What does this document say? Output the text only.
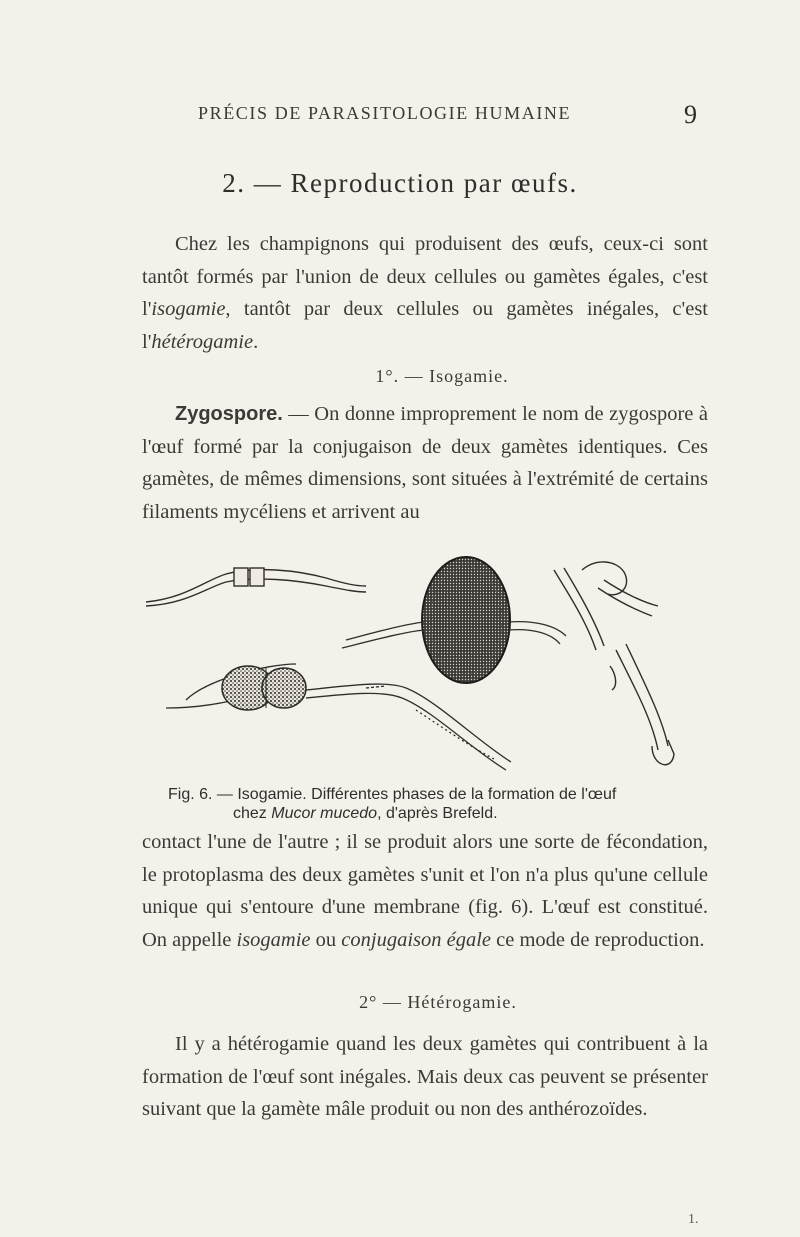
PRÉCIS DE PARASITOLOGIE HUMAINE	9
2. — Reproduction par œufs.

Chez les champignons qui produisent des œufs, ceux-ci sont tantôt formés par l'union de deux cellules ou gamètes égales, c'est l'isogamie, tantôt par deux cellules ou gamètes inégales, c'est l'hétérogamie.

1°. — Isogamie.

Zygospore. — On donne improprement le nom de zygospore à l'œuf formé par la conjugaison de deux gamètes identiques. Ces gamètes, de mêmes dimensions, sont situées à l'extrémité de certains filaments mycéliens et arrivent au

Fig. 6. — Isogamie. Différentes phases de la formation de l'œuf
chez Mucor mucedo, d'après Brefeld.

contact l'une de l'autre ; il se produit alors une sorte de fécondation, le protoplasma des deux gamètes s'unit et l'on n'a plus qu'une cellule unique qui s'entoure d'une membrane (fig. 6). L'œuf est constitué. On appelle isogamie ou conjugaison égale ce mode de reproduction.

2° — Hétérogamie.

Il y a hétérogamie quand les deux gamètes qui contribuent à la formation de l'œuf sont inégales. Mais deux cas peuvent se présenter suivant que la gamète mâle produit ou non des anthérozoïdes.

1.
